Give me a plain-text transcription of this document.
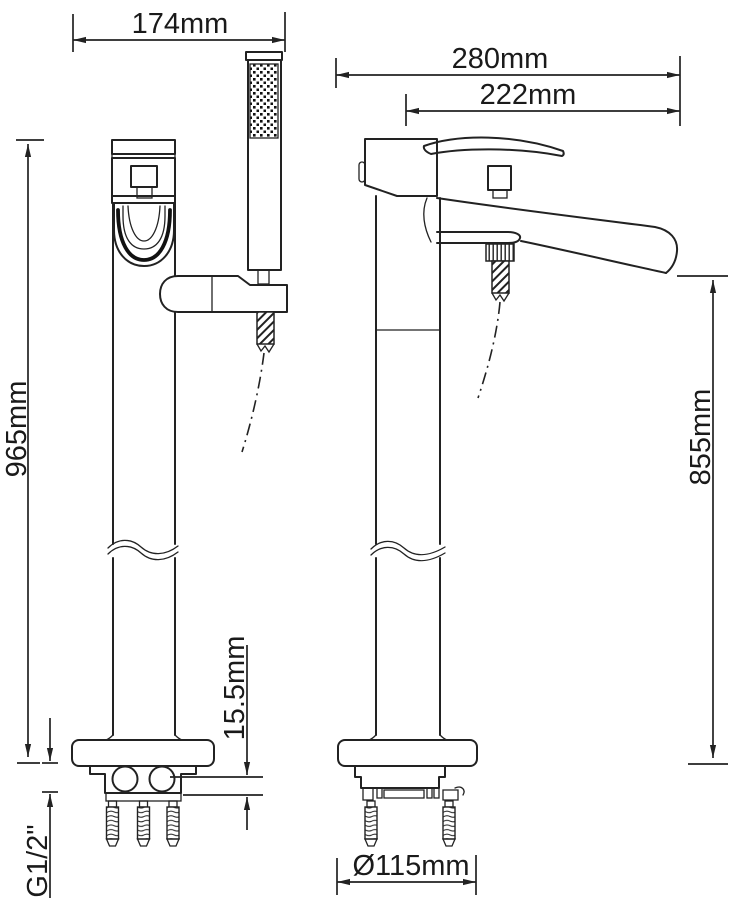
174mm
965mm
15.5mm
G1/2"
280mm
222mm
855mm
Ø115mm
